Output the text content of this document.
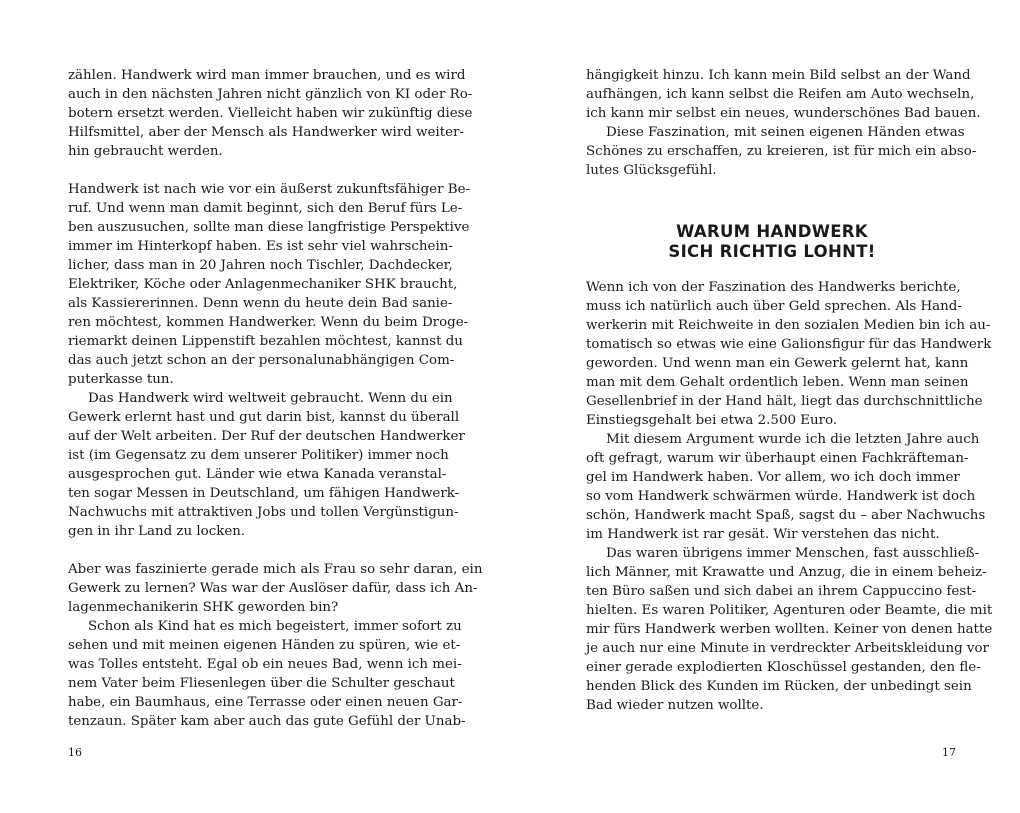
zählen. Handwerk wird man immer brauchen, und es wird
auch in den nächsten Jahren nicht gänzlich von KI oder Ro-
botern ersetzt werden. Vielleicht haben wir zukünftig diese
Hilfsmittel, aber der Mensch als Handwerker wird weiter-
hin gebraucht werden.
Handwerk ist nach wie vor ein äußerst zukunftsfähiger Be-
ruf. Und wenn man damit beginnt, sich den Beruf fürs Le-
ben auszusuchen, sollte man diese langfristige Perspektive
immer im Hinterkopf haben. Es ist sehr viel wahrschein-
licher, dass man in 20 Jahren noch Tischler, Dachdecker,
Elektriker, Köche oder Anlagenmechaniker SHK braucht,
als Kassiererinnen. Denn wenn du heute dein Bad sanie-
ren möchtest, kommen Handwerker. Wenn du beim Droge-
riemarkt deinen Lippenstift bezahlen möchtest, kannst du
das auch jetzt schon an der personalunabhängigen Com-
puterkasse tun.
Das Handwerk wird weltweit gebraucht. Wenn du ein
Gewerk erlernt hast und gut darin bist, kannst du überall
auf der Welt arbeiten. Der Ruf der deutschen Handwerker
ist (im Gegensatz zu dem unserer Politiker) immer noch
ausgesprochen gut. Länder wie etwa Kanada veranstal-
ten sogar Messen in Deutschland, um fähigen Handwerk-
Nachwuchs mit attraktiven Jobs und tollen Vergünstigun-
gen in ihr Land zu locken.
Aber was faszinierte gerade mich als Frau so sehr daran, ein
Gewerk zu lernen? Was war der Auslöser dafür, dass ich An-
lagenmechanikerin SHK geworden bin?
Schon als Kind hat es mich begeistert, immer sofort zu
sehen und mit meinen eigenen Händen zu spüren, wie et-
was Tolles entsteht. Egal ob ein neues Bad, wenn ich mei-
nem Vater beim Fliesenlegen über die Schulter geschaut
habe, ein Baumhaus, eine Terrasse oder einen neuen Gar-
tenzaun. Später kam aber auch das gute Gefühl der Unab-
16
hängigkeit hinzu. Ich kann mein Bild selbst an der Wand
aufhängen, ich kann selbst die Reifen am Auto wechseln,
ich kann mir selbst ein neues, wunderschönes Bad bauen.
Diese Faszination, mit seinen eigenen Händen etwas
Schönes zu erschaffen, zu kreieren, ist für mich ein abso-
lutes Glücksgefühl.
WARUM HANDWERK
SICH RICHTIG LOHNT!
Wenn ich von der Faszination des Handwerks berichte,
muss ich natürlich auch über Geld sprechen. Als Hand-
werkerin mit Reichweite in den sozialen Medien bin ich au-
tomatisch so etwas wie eine Galionsfigur für das Handwerk
geworden. Und wenn man ein Gewerk gelernt hat, kann
man mit dem Gehalt ordentlich leben. Wenn man seinen
Gesellenbrief in der Hand hält, liegt das durchschnittliche
Einstiegsgehalt bei etwa 2.500 Euro.
Mit diesem Argument wurde ich die letzten Jahre auch
oft gefragt, warum wir überhaupt einen Fachkräfteman-
gel im Handwerk haben. Vor allem, wo ich doch immer
so vom Handwerk schwärmen würde. Handwerk ist doch
schön, Handwerk macht Spaß, sagst du – aber Nachwuchs
im Handwerk ist rar gesät. Wir verstehen das nicht.
Das waren übrigens immer Menschen, fast ausschließ-
lich Männer, mit Krawatte und Anzug, die in einem beheiz-
ten Büro saßen und sich dabei an ihrem Cappuccino fest-
hielten. Es waren Politiker, Agenturen oder Beamte, die mit
mir fürs Handwerk werben wollten. Keiner von denen hatte
je auch nur eine Minute in verdreckter Arbeitskleidung vor
einer gerade explodierten Kloschüssel gestanden, den fle-
henden Blick des Kunden im Rücken, der unbedingt sein
Bad wieder nutzen wollte.
17
